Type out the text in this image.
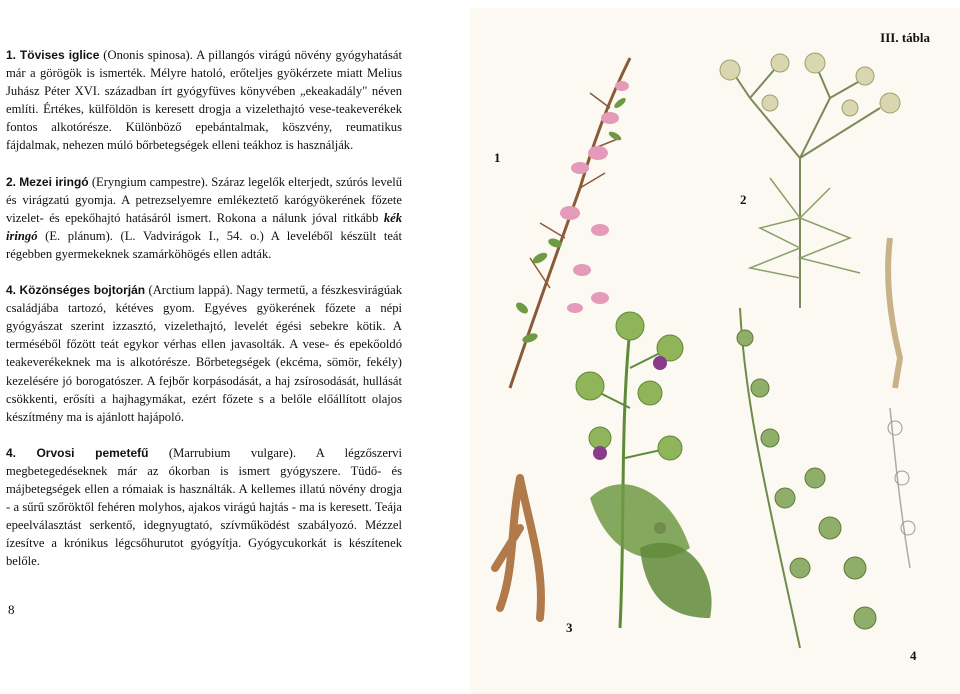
1. Tövises iglice (Ononis spinosa). A pillangós virágú növény gyógyhatását már a görögök is ismerték. Mélyre hatoló, erőteljes gyökérzete miatt Melius Juhász Péter XVI. században írt gyógyfüves könyvében „ekeakadály" néven említi. Értékes, külföldön is keresett drogja a vizelethajtó vese-teakeverékek fontos alkotórésze. Különböző epebántalmak, köszvény, reumatikus fájdalmak, nehezen múló bőrbetegségek elleni teákhoz is használják.

2. Mezei iringó (Eryngium campestre). Száraz legelők elterjedt, szúrós levelű és virágzatú gyomja. A petrezselyemre emlékeztető karógyökerének főzete vizelet- és epekőhajtó hatásáról ismert. Rokona a nálunk jóval ritkább kék iringó (E. plánum). (L. Vadvirágok I., 54. o.) A leveléből készült teát régebben gyermekeknek szamárköhögés ellen adták.

4. Közönséges bojtorján (Arctium lappá). Nagy termetű, a fészkesvirágúak családjába tartozó, kétéves gyom. Egyéves gyökerének főzete a népi gyógyászat szerint izzasztó, vizelethajtó, levelét égési sebekre kötik. A terméséből főzött teát egykor vérhas ellen javasolták. A vese- és epekőoldó teakeverékeknek ma is alkotórésze. Bőrbetegségek (ekcéma, sömör, fekély) kezelésére jó borogatószer. A fejbőr korpásodását, a haj zsírosodását, hullását csökkenti, erősíti a hajhagymákat, ezért főzete s a belőle előállított olajos készítmény ma is ajánlott hajápoló.

4. Orvosi pemetefű (Marrubium vulgare). A légzőszervi megbetegedéseknek már az ókorban is ismert gyógyszere. Tüdő- és májbetegségek ellen a rómaiak is használták. A kellemes illatú növény drogja - a sűrű szőröktől fehéren molyhos, ajakos virágú hajtás - ma is keresett. Teája epeelválasztást serkentő, idegnyugtató, szívműködést szabályozó. Mézzel ízesítve a krónikus légcsőhurutot gyógyítja. Gyógycukorkát is készítenek belőle.

8
III. tábla
1
2
3
4
